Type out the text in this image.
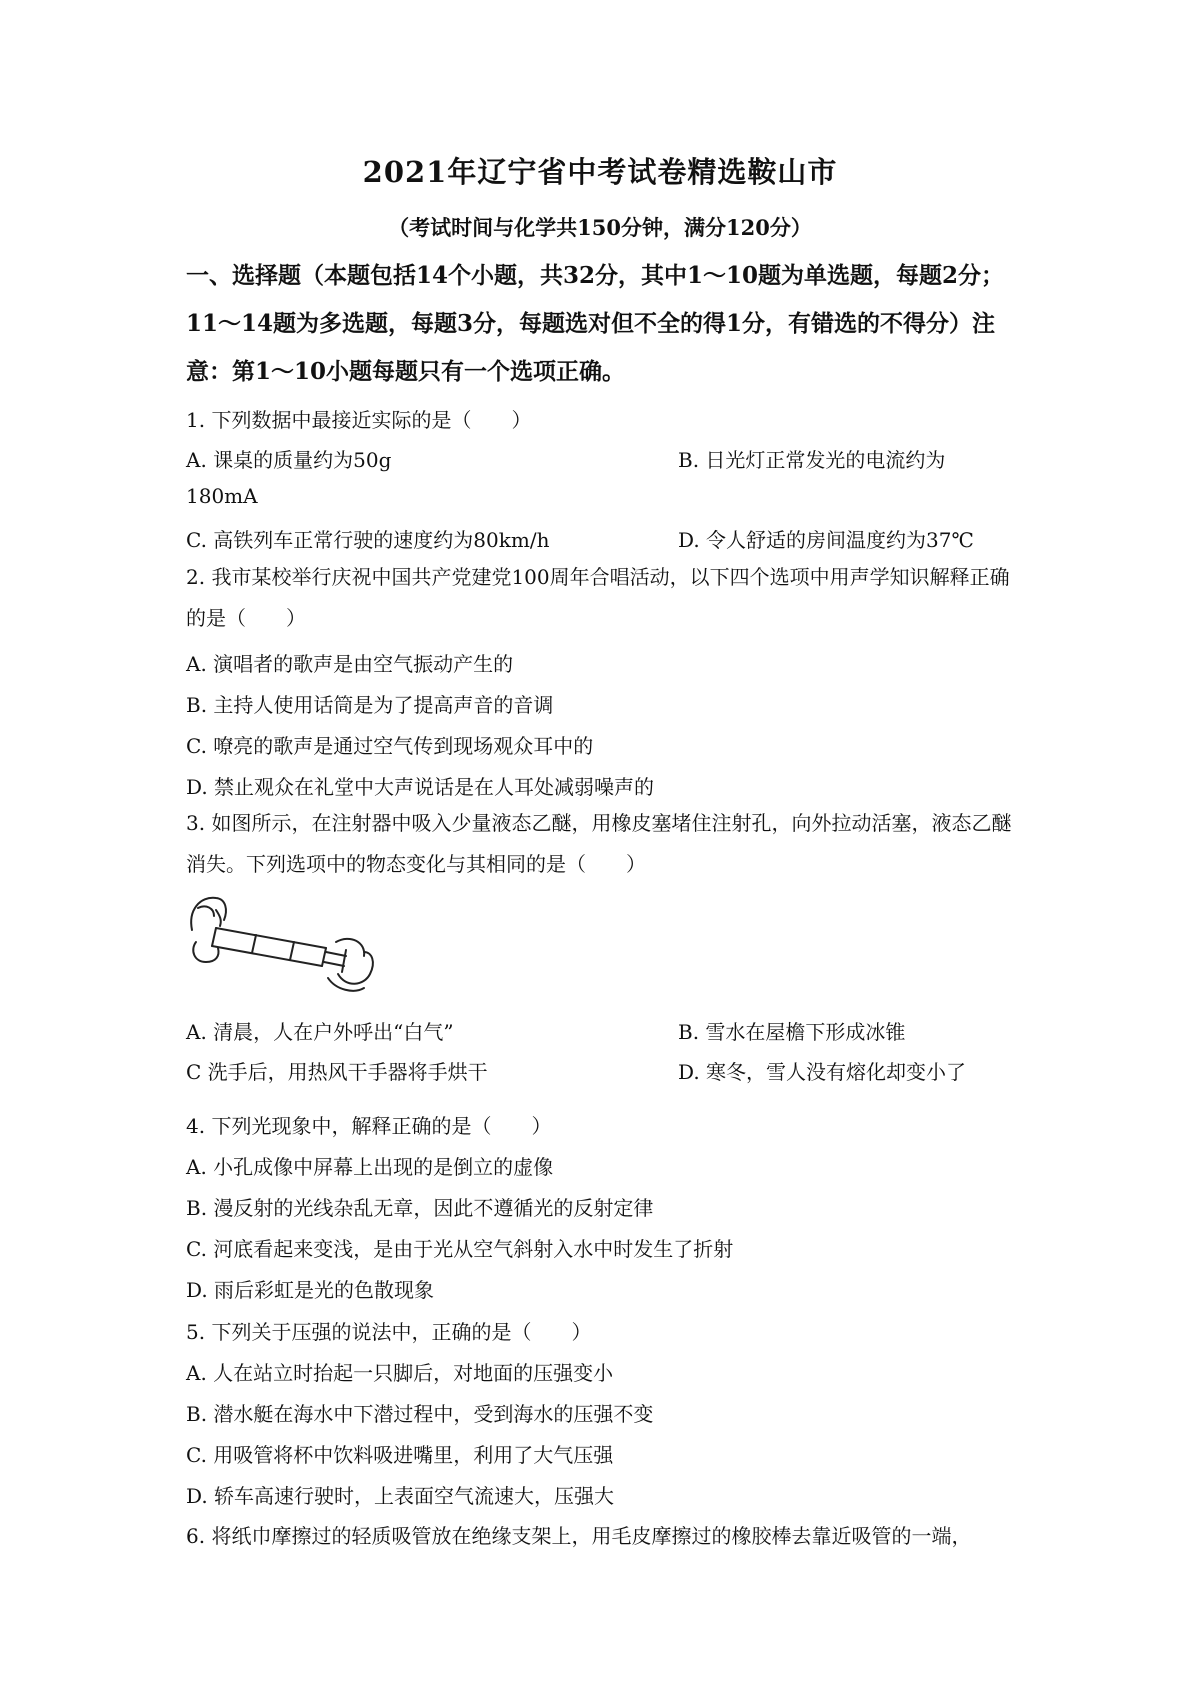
2021年辽宁省中考试卷精选鞍山市
（考试时间与化学共150分钟，满分120分）
一、选择题（本题包括14个小题，共32分，其中1～10题为单选题，每题2分；11～14题为多选题，每题3分，每题选对但不全的得1分，有错选的不得分）注意：第1～10小题每题只有一个选项正确。
1. 下列数据中最接近实际的是（　　）
A. 课桌的质量约为50g	B. 日光灯正常发光的电流约为
180mA
C. 高铁列车正常行驶的速度约为80km/h	D. 令人舒适的房间温度约为37℃
2. 我市某校举行庆祝中国共产党建党100周年合唱活动，以下四个选项中用声学知识解释正确的是（　　）
A. 演唱者的歌声是由空气振动产生的
B. 主持人使用话筒是为了提高声音的音调
C. 嘹亮的歌声是通过空气传到现场观众耳中的
D. 禁止观众在礼堂中大声说话是在人耳处减弱噪声的
3. 如图所示，在注射器中吸入少量液态乙醚，用橡皮塞堵住注射孔，向外拉动活塞，液态乙醚消失。下列选项中的物态变化与其相同的是（　　）
A. 清晨，人在户外呼出“白气”	B. 雪水在屋檐下形成冰锥
C 洗手后，用热风干手器将手烘干	D. 寒冬，雪人没有熔化却变小了
4. 下列光现象中，解释正确的是（　　）
A. 小孔成像中屏幕上出现的是倒立的虚像
B. 漫反射的光线杂乱无章，因此不遵循光的反射定律
C. 河底看起来变浅，是由于光从空气斜射入水中时发生了折射
D. 雨后彩虹是光的色散现象
5. 下列关于压强的说法中，正确的是（　　）
A. 人在站立时抬起一只脚后，对地面的压强变小
B. 潜水艇在海水中下潜过程中，受到海水的压强不变
C. 用吸管将杯中饮料吸进嘴里，利用了大气压强
D. 轿车高速行驶时，上表面空气流速大，压强大
6. 将纸巾摩擦过的轻质吸管放在绝缘支架上，用毛皮摩擦过的橡胶棒去靠近吸管的一端，
